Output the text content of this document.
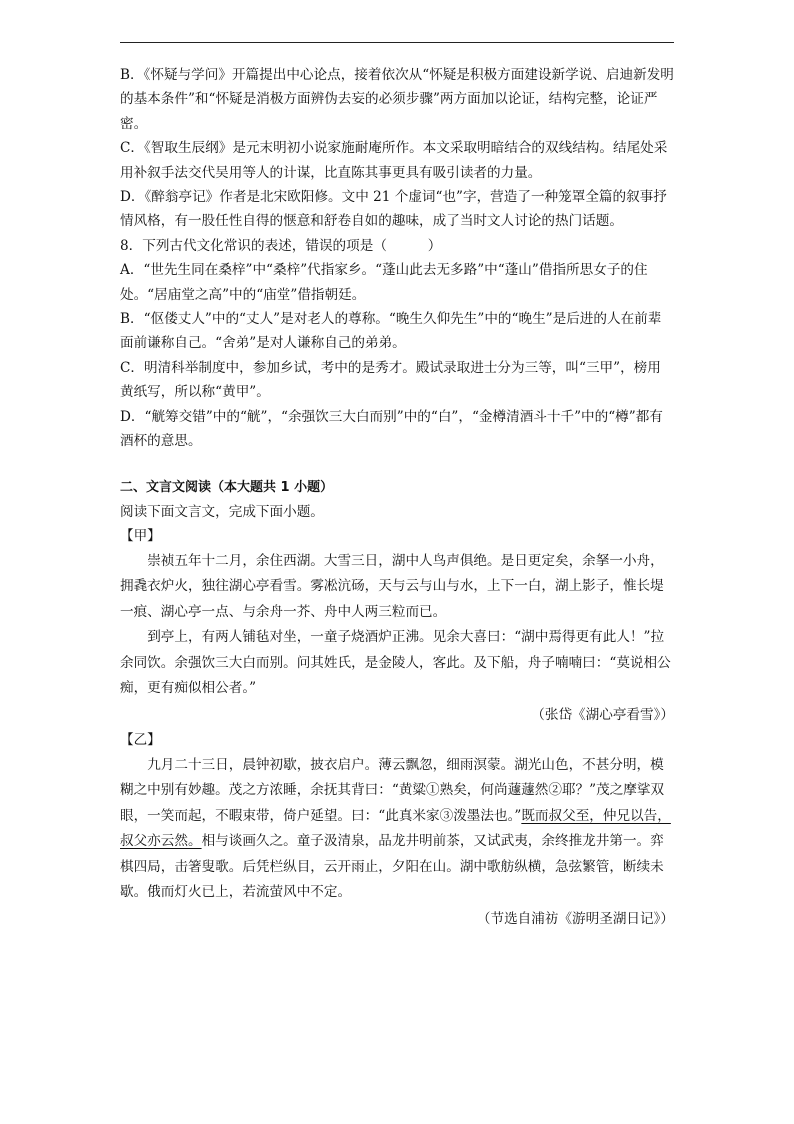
B．《怀疑与学问》开篇提出中心论点，接着依次从“怀疑是积极方面建设新学说、启迪新发明的基本条件”和“怀疑是消极方面辨伪去妄的必须步骤”两方面加以论证，结构完整，论证严密。

C．《智取生辰纲》是元末明初小说家施耐庵所作。本文采取明暗结合的双线结构。结尾处采用补叙手法交代吴用等人的计谋，比直陈其事更具有吸引读者的力量。

D．《醉翁亭记》作者是北宋欧阳修。文中 21 个虚词“也”字，营造了一种笼罩全篇的叙事抒情风格，有一股任性自得的惬意和舒卷自如的趣味，成了当时文人讨论的热门话题。

8．下列古代文化常识的表述，错误的项是（　　　）

A．“世先生同在桑梓”中“桑梓”代指家乡。“蓬山此去无多路”中“蓬山”借指所思女子的住处。“居庙堂之高”中的“庙堂”借指朝廷。

B．“伛偻丈人”中的“丈人”是对老人的尊称。“晚生久仰先生”中的“晚生”是后进的人在前辈面前谦称自己。“舍弟”是对人谦称自己的弟弟。

C．明清科举制度中，参加乡试，考中的是秀才。殿试录取进士分为三等，叫“三甲”，榜用黄纸写，所以称“黄甲”。

D．“觥筹交错”中的“觥”，“余强饮三大白而别”中的“白”，“金樽清酒斗十千”中的“樽”都有酒杯的意思。

二、文言文阅读（本大题共 1 小题）

阅读下面文言文，完成下面小题。

【甲】

崇祯五年十二月，余住西湖。大雪三日，湖中人鸟声俱绝。是日更定矣，余拏一小舟，拥毳衣炉火，独往湖心亭看雪。雾凇沆砀，天与云与山与水，上下一白，湖上影子，惟长堤一痕、湖心亭一点、与余舟一芥、舟中人两三粒而已。

到亭上，有两人铺毡对坐，一童子烧酒炉正沸。见余大喜曰：“湖中焉得更有此人！”拉余同饮。余强饮三大白而别。问其姓氏，是金陵人，客此。及下船，舟子喃喃曰：“莫说相公痴，更有痴似相公者。”

（张岱《湖心亭看雪》）

【乙】

九月二十三日，晨钟初歇，披衣启户。薄云飘忽，细雨溟蒙。湖光山色，不甚分明，模糊之中别有妙趣。茂之方浓睡，余抚其背曰：“黄粱①熟矣，何尚蘧蘧然②耶？”茂之摩挲双眼，一笑而起，不暇束带，倚户延望。曰：“此真米家③泼墨法也。”既而叔父至，仲兄以告，叔父亦云然。相与谈画久之。童子汲清泉，品龙井明前茶，又试武夷，余终推龙井第一。弈棋四局，击箸叟歌。后凭栏纵目，云开雨止，夕阳在山。湖中歌舫纵横，急弦繁管，断续未歇。俄而灯火已上，若流萤风中不定。

（节选自浦祊《游明圣湖日记》）
